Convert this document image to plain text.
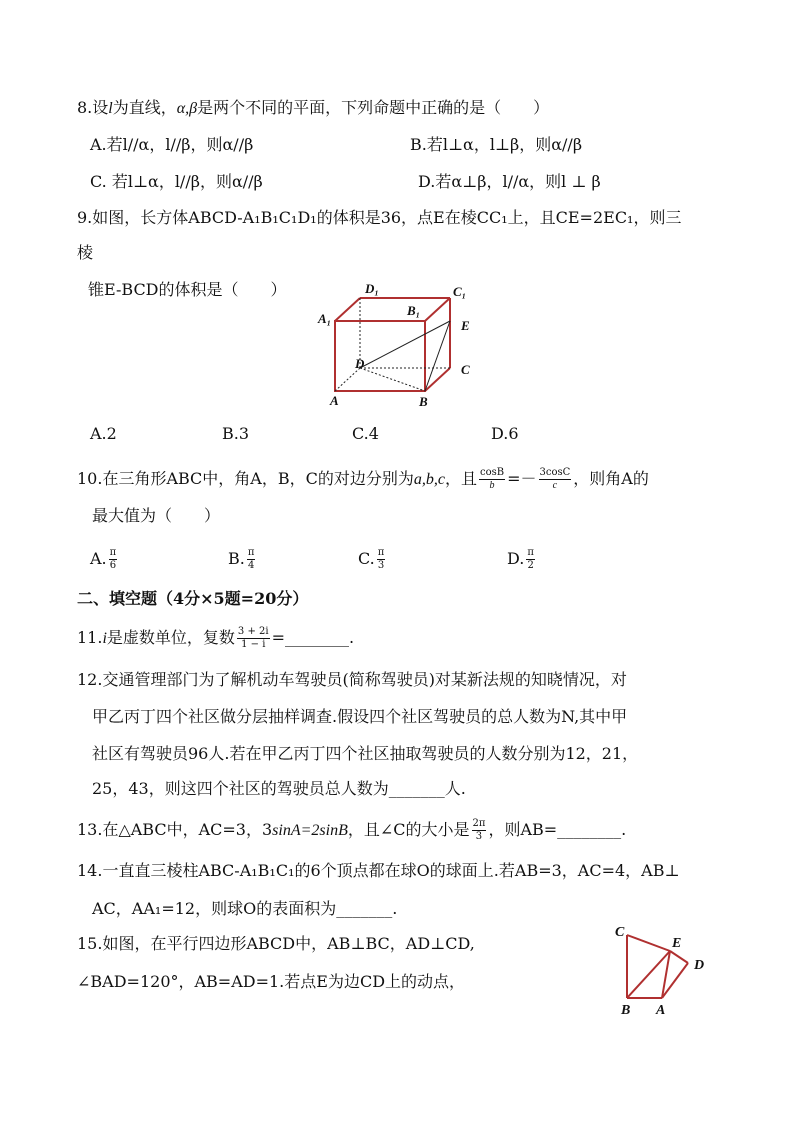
8.设l为直线，α,β是两个不同的平面，下列命题中正确的是（　　）
A.若l//α，l//β，则α//β	B.若l⊥α，l⊥β，则α//β
C. 若l⊥α，l//β，则α//β	D.若α⊥β，l//α，则l ⊥ β
9.如图，长方体ABCD-A₁B₁C₁D₁的体积是36，点E在棱CC₁上，且CE=2EC₁，则三
棱
锥E-BCD的体积是（　　）	D₁	C₁
A₁
B₁
E
D	C
A	B
A.2	B.3	C.4	D.6
10.在三角形ABC中，角A，B，C的对边分别为a,b,c，且 $\frac{\cos B}{b} =- \frac{3\cos C}{c}$ ，则角A的
最大值为（　　）
A. $\frac{\pi}{6}$	B. $\frac{\pi}{4}$	C. $\frac{\pi}{3}$	D. $\frac{\pi}{2}$
二、填空题（4分×5题=20分）
11.i是虚数单位，复数 $\frac{3 + 2i}{1 - i}$ =________.
12.交通管理部门为了解机动车驾驶员(简称驾驶员)对某新法规的知晓情况，对
甲乙丙丁四个社区做分层抽样调查.假设四个社区驾驶员的总人数为N,其中甲
社区有驾驶员96人.若在甲乙丙丁四个社区抽取驾驶员的人数分别为12，21，
25，43，则这四个社区的驾驶员总人数为_______人.
13.在△ABC中，AC=3，3sinA=2sinB，且∠C的大小是 $\frac{2\pi}{3}$ ，则AB=________.
14.一直直三棱柱ABC-A₁B₁C₁的6个顶点都在球O的球面上.若AB=3，AC=4，AB⊥
AC，AA₁=12，则球O的表面积为_______.
15.如图，在平行四边形ABCD中，AB⊥BC，AD⊥CD,
∠BAD=120°，AB=AD=1.若点E为边CD上的动点，
C
E
D
B A
